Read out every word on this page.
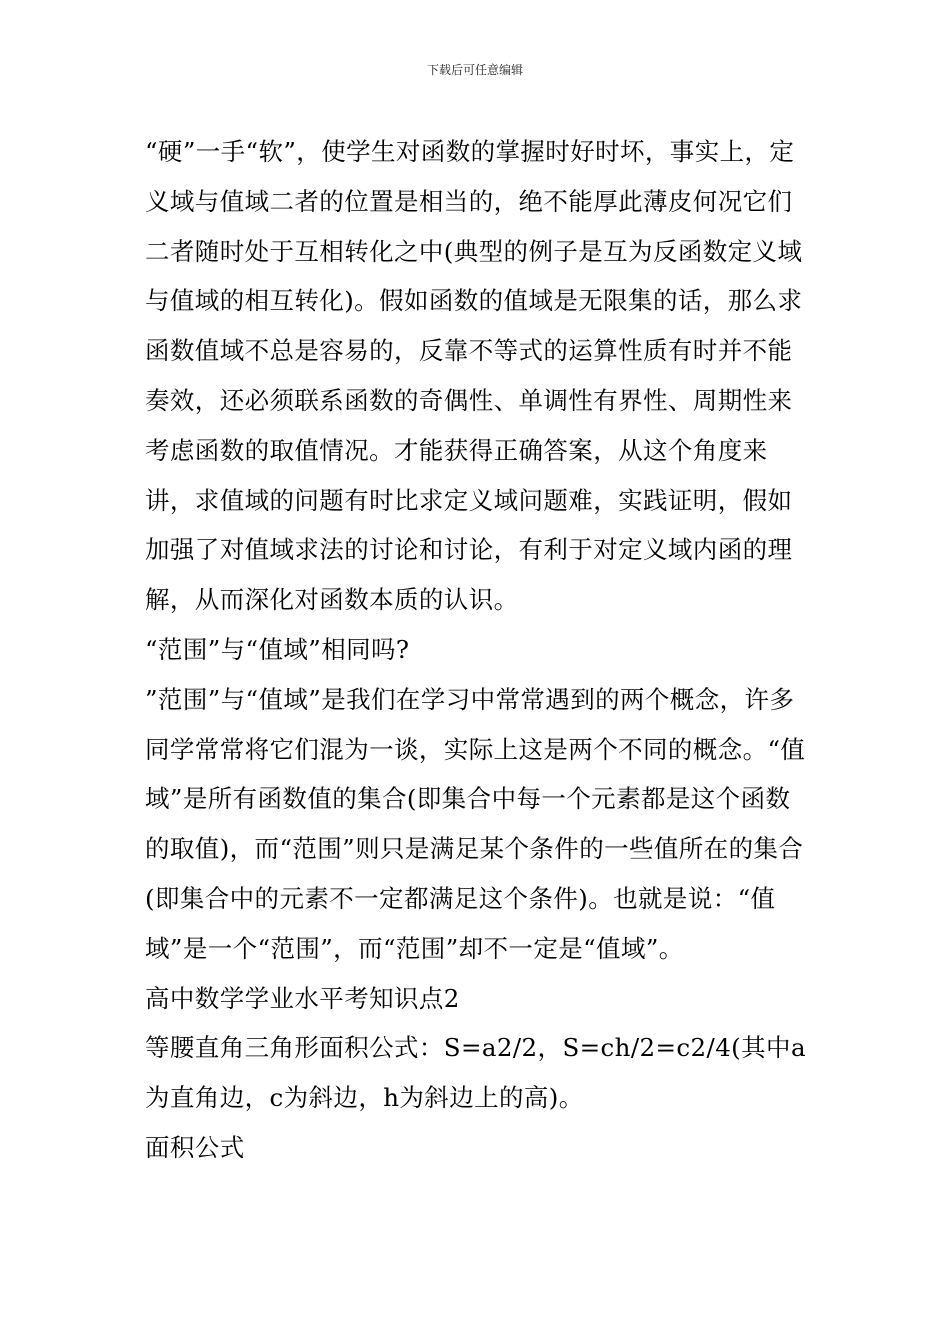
下载后可任意编辑

“硬”一手“软”，使学生对函数的掌握时好时坏，事实上，定义域与值域二者的位置是相当的，绝不能厚此薄皮何况它们二者随时处于互相转化之中(典型的例子是互为反函数定义域与值域的相互转化)。假如函数的值域是无限集的话，那么求函数值域不总是容易的，反靠不等式的运算性质有时并不能奏效，还必须联系函数的奇偶性、单调性有界性、周期性来考虑函数的取值情况。才能获得正确答案，从这个角度来讲，求值域的问题有时比求定义域问题难，实践证明，假如加强了对值域求法的讨论和讨论，有利于对定义域内函的理解，从而深化对函数本质的认识。

“范围”与“值域”相同吗?

”范围”与“值域”是我们在学习中常常遇到的两个概念，许多同学常常将它们混为一谈，实际上这是两个不同的概念。“值域”是所有函数值的集合(即集合中每一个元素都是这个函数的取值)，而“范围”则只是满足某个条件的一些值所在的集合(即集合中的元素不一定都满足这个条件)。也就是说：“值域”是一个“范围”，而“范围”却不一定是“值域”。

高中数学学业水平考知识点2

等腰直角三角形面积公式：S=a2/2，S=ch/2=c2/4(其中a为直角边，c为斜边，h为斜边上的高)。

面积公式
